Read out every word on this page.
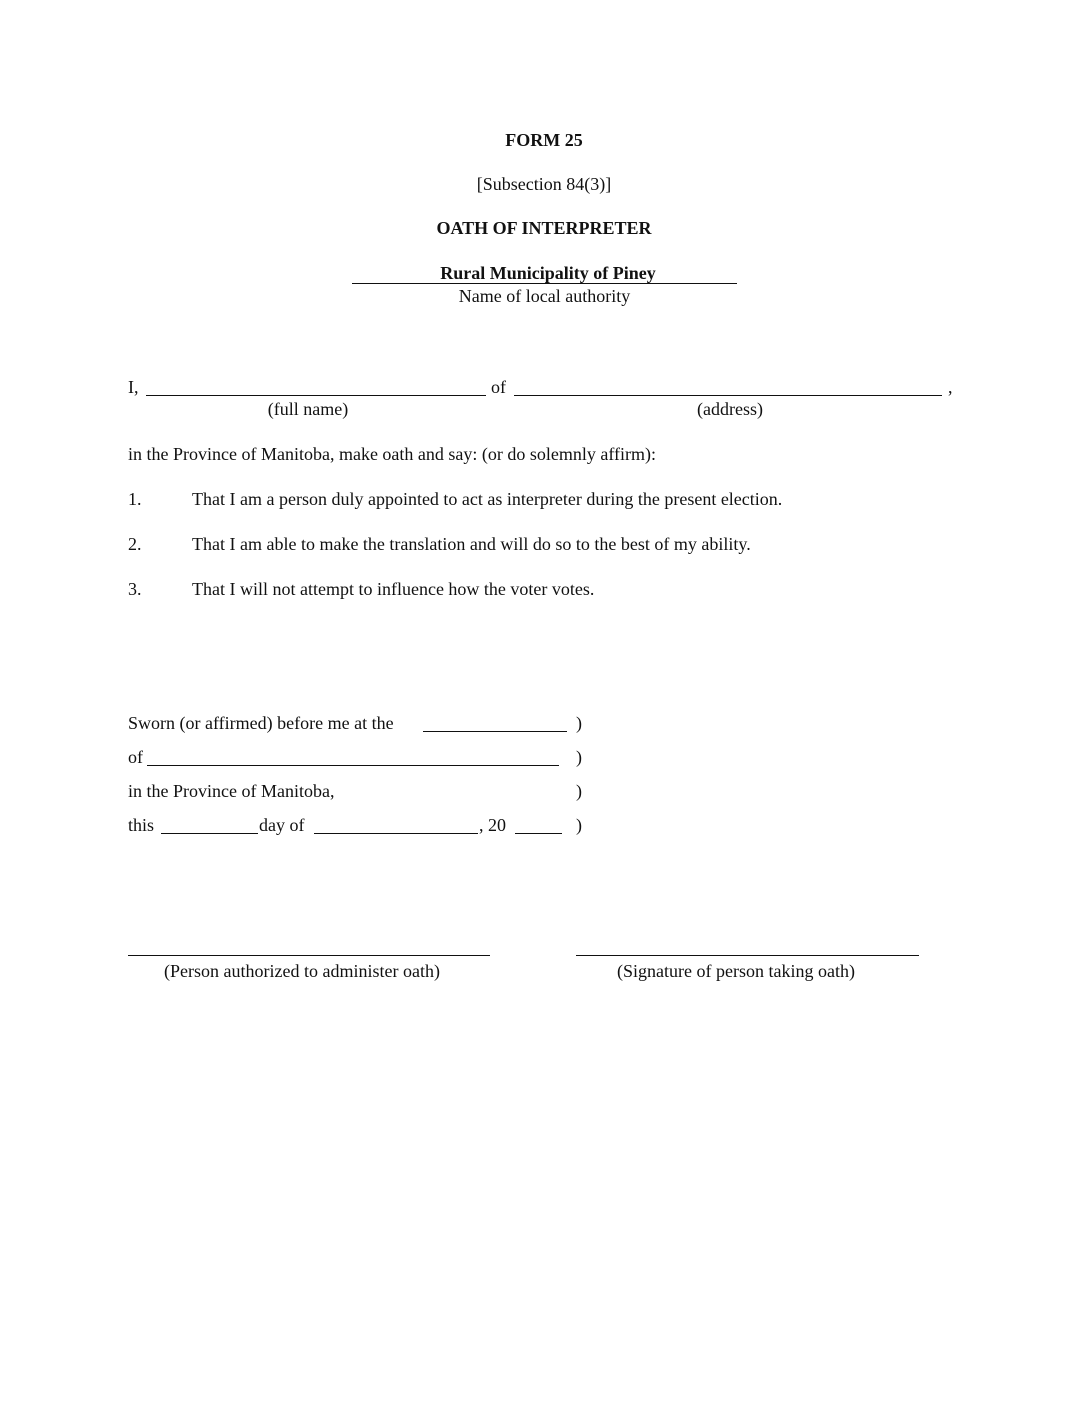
FORM 25
[Subsection 84(3)]
OATH OF INTERPRETER
Rural Municipality of Piney
Name of local authority
I,	of	,
(full name)	(address)
in the Province of Manitoba, make oath and say: (or do solemnly affirm):
1.	That I am a person duly appointed to act as interpreter during the present election.
2.	That I am able to make the translation and will do so to the best of my ability.
3.	That I will not attempt to influence how the voter votes.
Sworn (or affirmed) before me at the	)
of	)
in the Province of Manitoba,	)
this	day of	, 20	)
(Person authorized to administer oath)	(Signature of person taking oath)
